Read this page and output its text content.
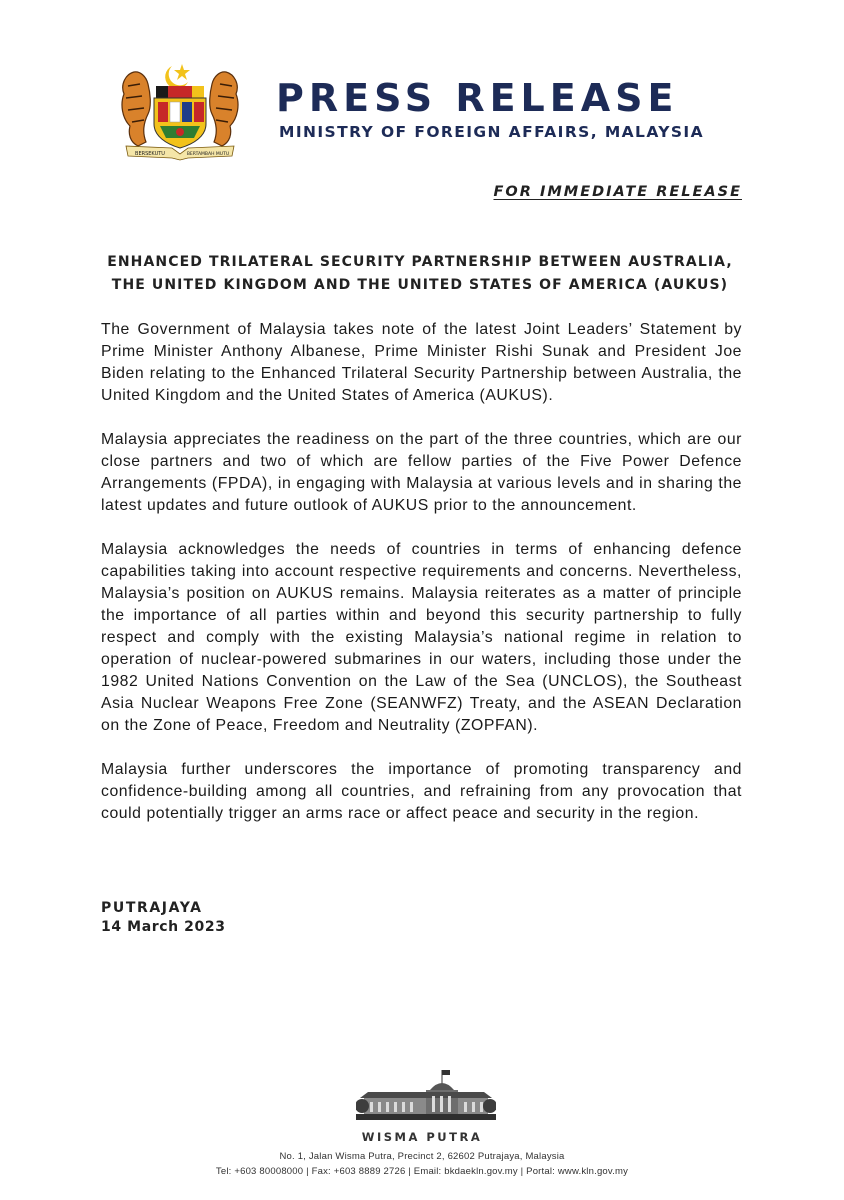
BERSEKUTU	BERTAMBAH MUTU
PRESS RELEASE
MINISTRY OF FOREIGN AFFAIRS, MALAYSIA
FOR IMMEDIATE RELEASE
ENHANCED TRILATERAL SECURITY PARTNERSHIP BETWEEN AUSTRALIA,
THE UNITED KINGDOM AND THE UNITED STATES OF AMERICA (AUKUS)

The Government of Malaysia takes note of the latest Joint Leaders’ Statement by Prime Minister Anthony Albanese, Prime Minister Rishi Sunak and President Joe Biden relating to the Enhanced Trilateral Security Partnership between Australia, the United Kingdom and the United States of America (AUKUS).

Malaysia appreciates the readiness on the part of the three countries, which are our close partners and two of which are fellow parties of the Five Power Defence Arrangements (FPDA), in engaging with Malaysia at various levels and in sharing the latest updates and future outlook of AUKUS prior to the announcement.

Malaysia acknowledges the needs of countries in terms of enhancing defence capabilities taking into account respective requirements and concerns. Nevertheless, Malaysia’s position on AUKUS remains. Malaysia reiterates as a matter of principle the importance of all parties within and beyond this security partnership to fully respect and comply with the existing Malaysia’s national regime in relation to operation of nuclear-powered submarines in our waters, including those under the 1982 United Nations Convention on the Law of the Sea (UNCLOS), the Southeast Asia Nuclear Weapons Free Zone (SEANWFZ) Treaty, and the ASEAN Declaration on the Zone of Peace, Freedom and Neutrality (ZOPFAN).

Malaysia further underscores the importance of promoting transparency and confidence-building among all countries, and refraining from any provocation that could potentially trigger an arms race or affect peace and security in the region.

PUTRAJAYA
14 March 2023
WISMA PUTRA
No. 1, Jalan Wisma Putra, Precinct 2, 62602 Putrajaya, Malaysia
Tel: +603 80008000 | Fax: +603 8889 2726 | Email: bkdaekln.gov.my | Portal: www.kln.gov.my
